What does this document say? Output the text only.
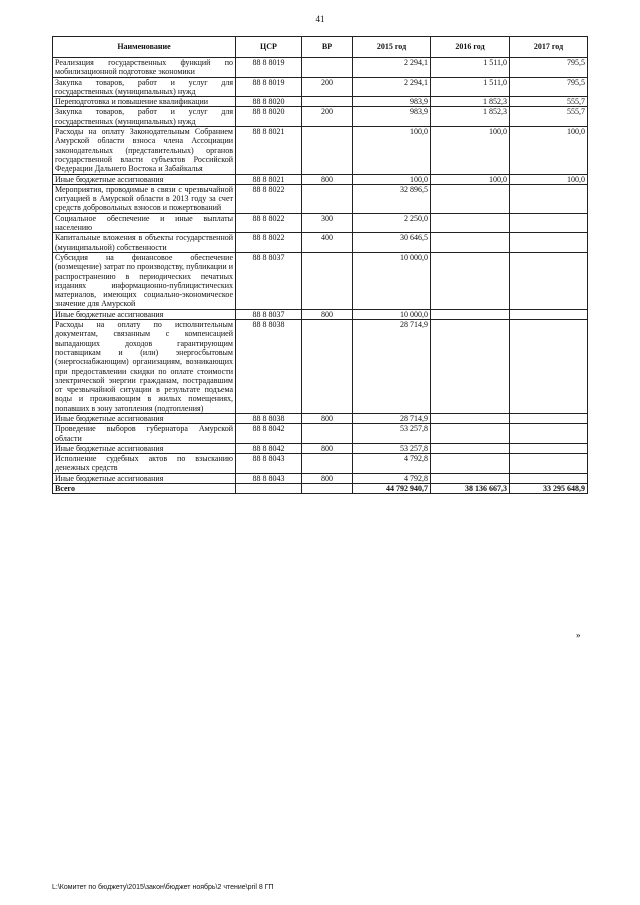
41
Наименование	ЦСР	ВР	2015 год	2016 год	2017 год
Реализация государственных функций по мобилизационной подготовке экономики	88 8 8019		2 294,1	1 511,0	795,5
Закупка товаров, работ и услуг для государственных (муниципальных) нужд	88 8 8019	200	2 294,1	1 511,0	795,5
Переподготовка и повышение квалификации	88 8 8020		983,9	1 852,3	555,7
Закупка товаров, работ и услуг для государственных (муниципальных) нужд	88 8 8020	200	983,9	1 852,3	555,7
Расходы на оплату Законодательным Собранием Амурской области взноса члена Ассоциации законодательных (представительных) органов государственной власти субъектов Российской Федерации Дальнего Востока и Забайкалья	88 8 8021		100,0	100,0	100,0
Иные бюджетные ассигнования	88 8 8021	800	100,0	100,0	100,0
Мероприятия, проводимые в связи с чрезвычайной ситуацией в Амурской области в 2013 году за счет средств добровольных взносов и пожертвований	88 8 8022		32 896,5		
Социальное обеспечение и иные выплаты населению	88 8 8022	300	2 250,0		
Капитальные вложения в объекты государственной (муниципальной) собственности	88 8 8022	400	30 646,5		
Субсидия на финансовое обеспечение (возмещение) затрат по производству, публикации и распространению в периодических печатных изданиях информационно-публицистических материалов, имеющих социально-экономическое значение для Амурской	88 8 8037		10 000,0		
Иные бюджетные ассигнования	88 8 8037	800	10 000,0		
Расходы на оплату по исполнительным документам, связанным с компенсацией выпадающих доходов гарантирующим поставщикам и (или) энергосбытовым (энергоснабжающим) организациям, возникающих при предоставлении скидки по оплате стоимости электрической энергии гражданам, пострадавшим от чрезвычайной ситуации в результате подъема воды и проживающим в жилых помещениях, попавших в зону затопления (подтопления)	88 8 8038		28 714,9		
Иные бюджетные ассигнования	88 8 8038	800	28 714,9		
Проведение выборов губернатора Амурской области	88 8 8042		53 257,8		
Иные бюджетные ассигнования	88 8 8042	800	53 257,8		
Исполнение судебных актов по взысканию денежных средств	88 8 8043		4 792,8		
Иные бюджетные ассигнования	88 8 8043	800	4 792,8		
Всего			44 792 940,7	38 136 667,3	33 295 648,9
»
L:\Комитет по бюджету\2015\закон\бюджет ноябрь\2 чтение\pril 8 ГП
